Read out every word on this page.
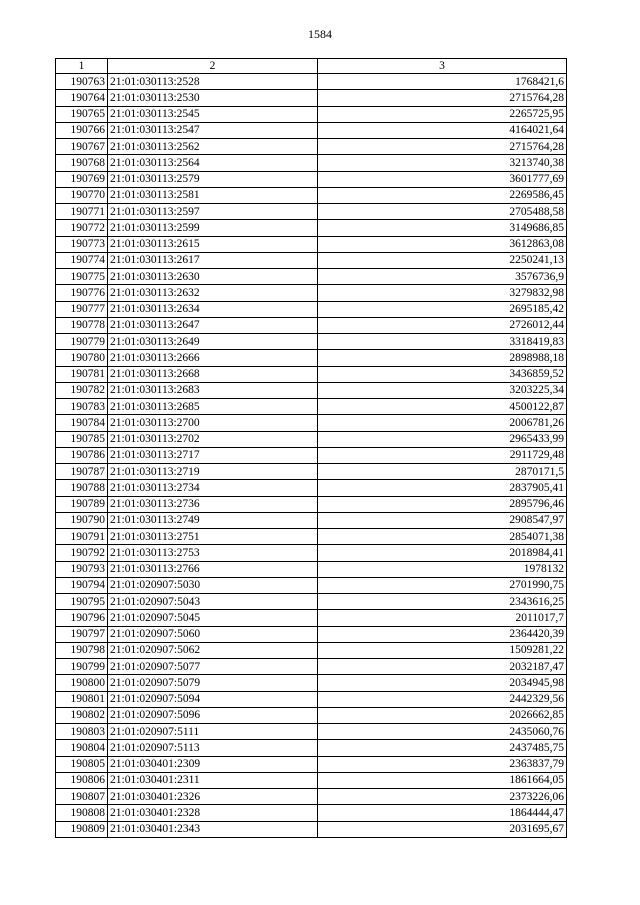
1584
1	2	3
190763	21:01:030113:2528	1768421,6
190764	21:01:030113:2530	2715764,28
190765	21:01:030113:2545	2265725,95
190766	21:01:030113:2547	4164021,64
190767	21:01:030113:2562	2715764,28
190768	21:01:030113:2564	3213740,38
190769	21:01:030113:2579	3601777,69
190770	21:01:030113:2581	2269586,45
190771	21:01:030113:2597	2705488,58
190772	21:01:030113:2599	3149686,85
190773	21:01:030113:2615	3612863,08
190774	21:01:030113:2617	2250241,13
190775	21:01:030113:2630	3576736,9
190776	21:01:030113:2632	3279832,98
190777	21:01:030113:2634	2695185,42
190778	21:01:030113:2647	2726012,44
190779	21:01:030113:2649	3318419,83
190780	21:01:030113:2666	2898988,18
190781	21:01:030113:2668	3436859,52
190782	21:01:030113:2683	3203225,34
190783	21:01:030113:2685	4500122,87
190784	21:01:030113:2700	2006781,26
190785	21:01:030113:2702	2965433,99
190786	21:01:030113:2717	2911729,48
190787	21:01:030113:2719	2870171,5
190788	21:01:030113:2734	2837905,41
190789	21:01:030113:2736	2895796,46
190790	21:01:030113:2749	2908547,97
190791	21:01:030113:2751	2854071,38
190792	21:01:030113:2753	2018984,41
190793	21:01:030113:2766	1978132
190794	21:01:020907:5030	2701990,75
190795	21:01:020907:5043	2343616,25
190796	21:01:020907:5045	2011017,7
190797	21:01:020907:5060	2364420,39
190798	21:01:020907:5062	1509281,22
190799	21:01:020907:5077	2032187,47
190800	21:01:020907:5079	2034945,98
190801	21:01:020907:5094	2442329,56
190802	21:01:020907:5096	2026662,85
190803	21:01:020907:5111	2435060,76
190804	21:01:020907:5113	2437485,75
190805	21:01:030401:2309	2363837,79
190806	21:01:030401:2311	1861664,05
190807	21:01:030401:2326	2373226,06
190808	21:01:030401:2328	1864444,47
190809	21:01:030401:2343	2031695,67
